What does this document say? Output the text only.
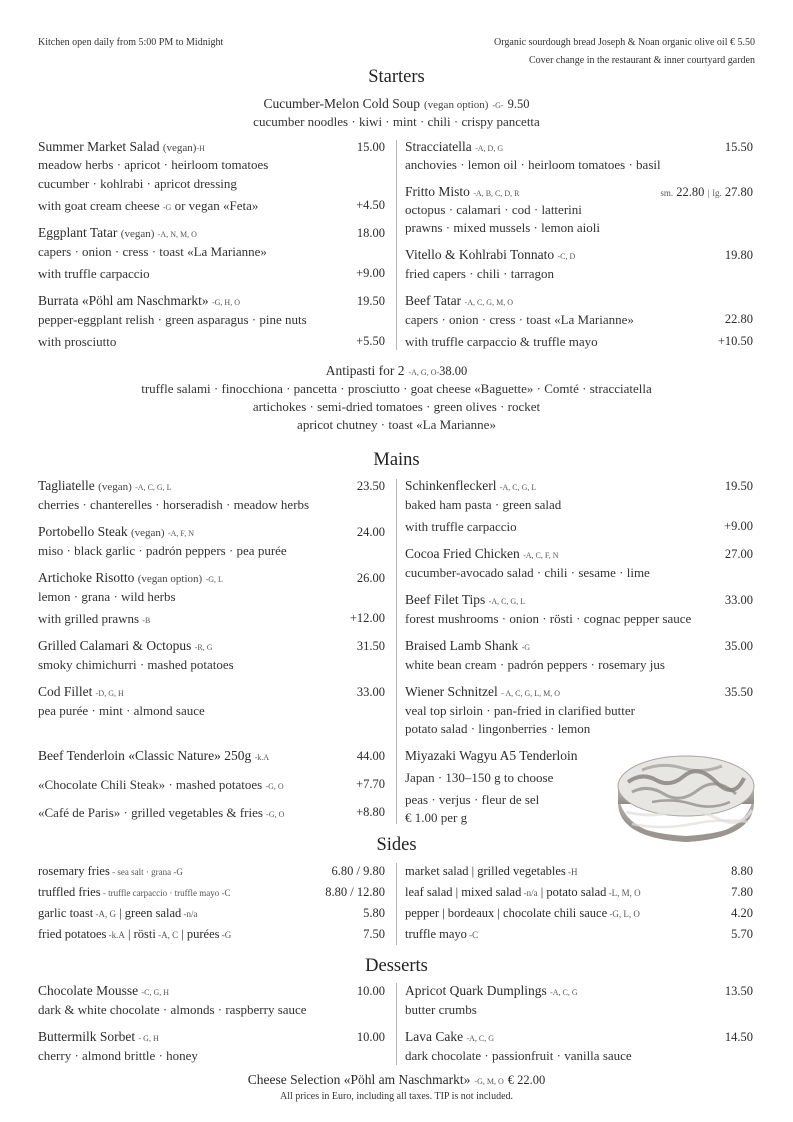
Kitchen open daily from 5:00 PM to Midnight	Organic sourdough bread Joseph & Noan organic olive oil € 5.50
Cover change in the restaurant & inner courtyard garden
Starters
Cucumber-Melon Cold Soup (vegan option) -G- 9.50
cucumber noodles · kiwi · mint · chili · crispy pancetta
Summer Market Salad (vegan)-H	15.00
meadow herbs · apricot · heirloom tomatoes
cucumber · kohlrabi · apricot dressing
with goat cream cheese -G or vegan «Feta»	+4.50
Eggplant Tatar (vegan) -A, N, M, O	18.00
capers · onion · cress · toast «La Marianne»
with truffle carpaccio	+9.00
Burrata «Pöhl am Naschmarkt» -G, H, O	19.50
pepper-eggplant relish · green asparagus · pine nuts
with prosciutto	+5.50
Stracciatella -A, D, G	15.50
anchovies · lemon oil · heirloom tomatoes · basil
Fritto Misto -A, B, C, D, R	sm. 22.80 | lg. 27.80
octopus · calamari · cod · latterini
prawns · mixed mussels · lemon aioli
Vitello & Kohlrabi Tonnato -C, D	19.80
fried capers · chili · tarragon
Beef Tatar -A, C, G, M, O
capers · onion · cress · toast «La Marianne»	22.80
with truffle carpaccio & truffle mayo	+10.50
Antipasti for 2 -A, G, O-38.00
truffle salami · finocchiona · pancetta · prosciutto · goat cheese «Baguette» · Comté · stracciatella
artichokes · semi-dried tomatoes · green olives · rocket
apricot chutney · toast «La Marianne»
Mains
Tagliatelle (vegan) -A, C, G, L	23.50
cherries · chanterelles · horseradish · meadow herbs
Portobello Steak (vegan) -A, F, N	24.00
miso · black garlic · padrón peppers · pea purée
Artichoke Risotto (vegan option) -G, L	26.00
lemon · grana · wild herbs
with grilled prawns -B	+12.00
Grilled Calamari & Octopus -R, G	31.50
smoky chimichurri · mashed potatoes
Cod Fillet -D, G, H	33.00
pea purée · mint · almond sauce
Beef Tenderloin «Classic Nature» 250g -k.A	44.00
«Chocolate Chili Steak» · mashed potatoes -G, O	+7.70
«Café de Paris» · grilled vegetables & fries -G, O	+8.80
Schinkenfleckerl -A, C, G, L	19.50
baked ham pasta · green salad
with truffle carpaccio	+9.00
Cocoa Fried Chicken -A, C, F, N	27.00
cucumber-avocado salad · chili · sesame · lime
Beef Filet Tips -A, C, G, L	33.00
forest mushrooms · onion · rösti · cognac pepper sauce
Braised Lamb Shank -G	35.00
white bean cream · padrón peppers · rosemary jus
Wiener Schnitzel - A, C, G, L, M, O	35.50
veal top sirloin · pan-fried in clarified butter
potato salad · lingonberries · lemon
Miyazaki Wagyu A5 Tenderloin
Japan · 130–150 g to choose
peas · verjus · fleur de sel
€ 1.00 per g
Sides
rosemary fries - sea salt · grana -G	6.80 / 9.80
truffled fries - truffle carpaccio · truffle mayo -C	8.80 / 12.80
garlic toast -A, G | green salad -n/a	5.80
fried potatoes -k.A | rösti -A, C | purées -G	7.50
market salad | grilled vegetables -H	8.80
leaf salad | mixed salad -n/a | potato salad -L, M, O	7.80
pepper | bordeaux | chocolate chili sauce -G, L, O	4.20
truffle mayo -C	5.70
Desserts
Chocolate Mousse -C, G, H	10.00
dark & white chocolate · almonds · raspberry sauce
Buttermilk Sorbet - G, H	10.00
cherry · almond brittle · honey
Apricot Quark Dumplings -A, C, G	13.50
butter crumbs
Lava Cake -A, C, G	14.50
dark chocolate · passionfruit · vanilla sauce
Cheese Selection «Pöhl am Naschmarkt» -G, M, O € 22.00
All prices in Euro, including all taxes. TIP is not included.
